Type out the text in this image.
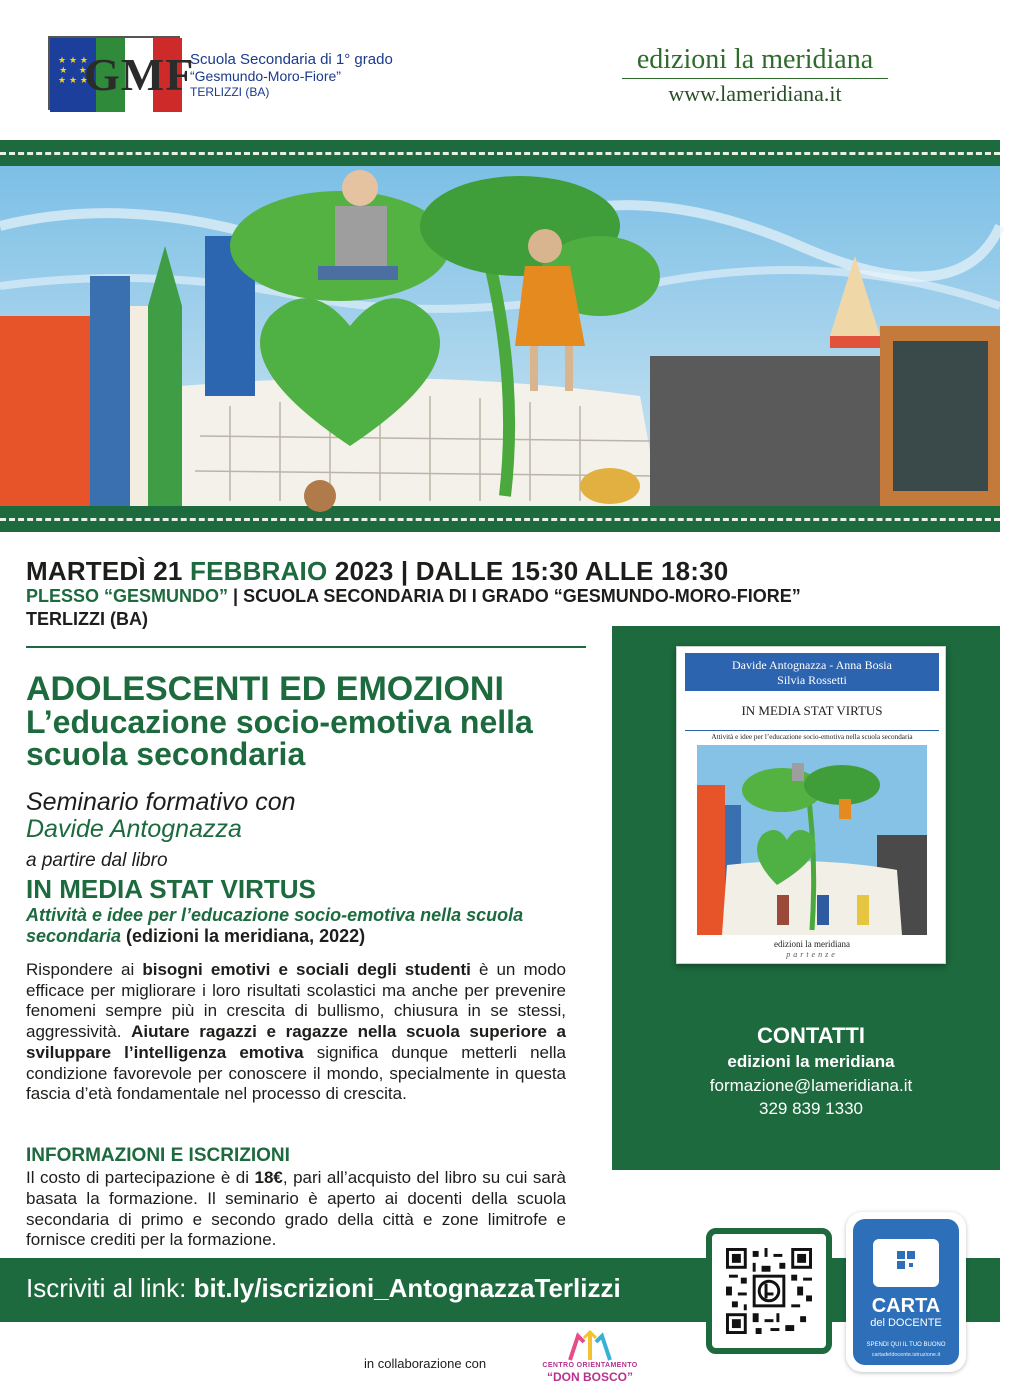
★ ★ ★
★    ★
★ ★ ★
GMF
Scuola Secondaria di 1° grado
“Gesmundo-Moro-Fiore”
TERLIZZI (BA)
edizioni la meridiana
www.lameridiana.it
MARTEDÌ 21 FEBBRAIO 2023 | DALLE 15:30 ALLE 18:30
PLESSO “GESMUNDO” | SCUOLA SECONDARIA DI I GRADO “GESMUNDO-MORO-FIORE”
TERLIZZI (BA)
ADOLESCENTI ED EMOZIONI
L’educazione socio-emotiva nella scuola secondaria
Seminario formativo con
Davide Antognazza
a partire dal libro
IN MEDIA STAT VIRTUS
Attività e idee per l’educazione socio-emotiva nella scuola secondaria (edizioni la meridiana, 2022)
Rispondere ai bisogni emotivi e sociali degli studenti è un modo efficace per migliorare i loro risultati scolastici ma anche per prevenire fenomeni sempre più in crescita di bullismo, chiusura in se stessi, aggressività. Aiutare ragazzi e ragazze nella scuola superiore a sviluppare l’intelligenza emotiva significa dunque metterli nella condizione favorevole per conoscere il mondo, specialmente in questa fascia d’età fondamentale nel processo di crescita.
INFORMAZIONI E ISCRIZIONI
Il costo di partecipazione è di 18€, pari all’acquisto del libro su cui sarà basata la formazione. Il seminario è aperto ai docenti della scuola secondaria di primo e secondo grado della città e zone limitrofe e fornisce crediti per la formazione.
Davide Antognazza - Anna Bosia
Silvia Rossetti
IN MEDIA STAT VIRTUS
Attività e idee per l’educazione socio-emotiva nella scuola secondaria
edizioni la meridiana
partenze
CONTATTI
edizioni la meridiana
formazione@lameridiana.it
329 839 1330
Iscriviti al link: bit.ly/iscrizioni_AntognazzaTerlizzi
CARTA
del DOCENTE
SPENDI QUI IL TUO BUONO
cartadeldocente.istruzione.it
in collaborazione con	CENTRO ORIENTAMENTO
“DON BOSCO”
